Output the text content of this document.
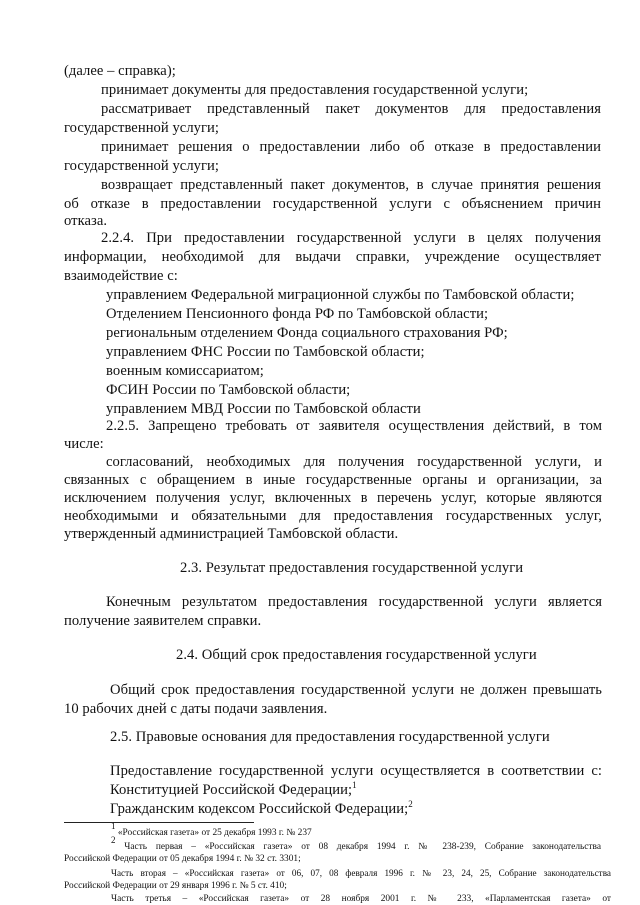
(далее – справка);
принимает документы для предоставления государственной услуги;
рассматривает представленный пакет документов для предоставления
государственной услуги;
принимает решения о предоставлении либо об отказе в предоставлении
государственной услуги;
возвращает представленный пакет документов, в случае принятия решения
об отказе в предоставлении государственной услуги с объяснением причин
отказа.
2.2.4. При предоставлении государственной услуги в целях получения
информации, необходимой для выдачи справки, учреждение осуществляет
взаимодействие с:
управлением Федеральной миграционной службы по Тамбовской области;
Отделением Пенсионного фонда РФ по Тамбовской области;
региональным отделением Фонда социального страхования РФ;
управлением ФНС России по Тамбовской области;
военным комиссариатом;
ФСИН России по Тамбовской области;
управлением МВД России по Тамбовской области
2.2.5. Запрещено требовать от заявителя осуществления действий, в том
числе:
согласований, необходимых для получения государственной услуги, и
связанных с обращением в иные государственные органы и организации, за
исключением получения услуг, включенных в перечень услуг, которые являются
необходимыми и обязательными для предоставления государственных услуг,
утвержденный администрацией Тамбовской области.
2.3. Результат предоставления государственной услуги
Конечным результатом предоставления государственной услуги является
получение заявителем справки.
2.4. Общий срок предоставления государственной услуги
Общий срок предоставления государственной услуги не должен превышать
10 рабочих дней с даты подачи заявления.
2.5. Правовые основания для предоставления государственной услуги
Предоставление государственной услуги осуществляется в соответствии с:
Конституцией Российской Федерации;$^1$
Гражданским кодексом Российской Федерации;$^2$
$^1$ «Российская газета» от 25 декабря 1993 г. № 237
$^2$ Часть первая – «Российская газета» от 08 декабря 1994 г. № 238-239, Собрание законодательства
Российской Федерации от 05 декабря 1994 г. № 32 ст. 3301;
Часть вторая – «Российская газета» от 06, 07, 08 февраля 1996 г. № 23, 24, 25, Собрание законодательства
Российской Федерации от 29 января 1996 г. № 5 ст. 410;
Часть третья – «Российская газета» от 28 ноября 2001 г. № 233, «Парламентская газета» от
